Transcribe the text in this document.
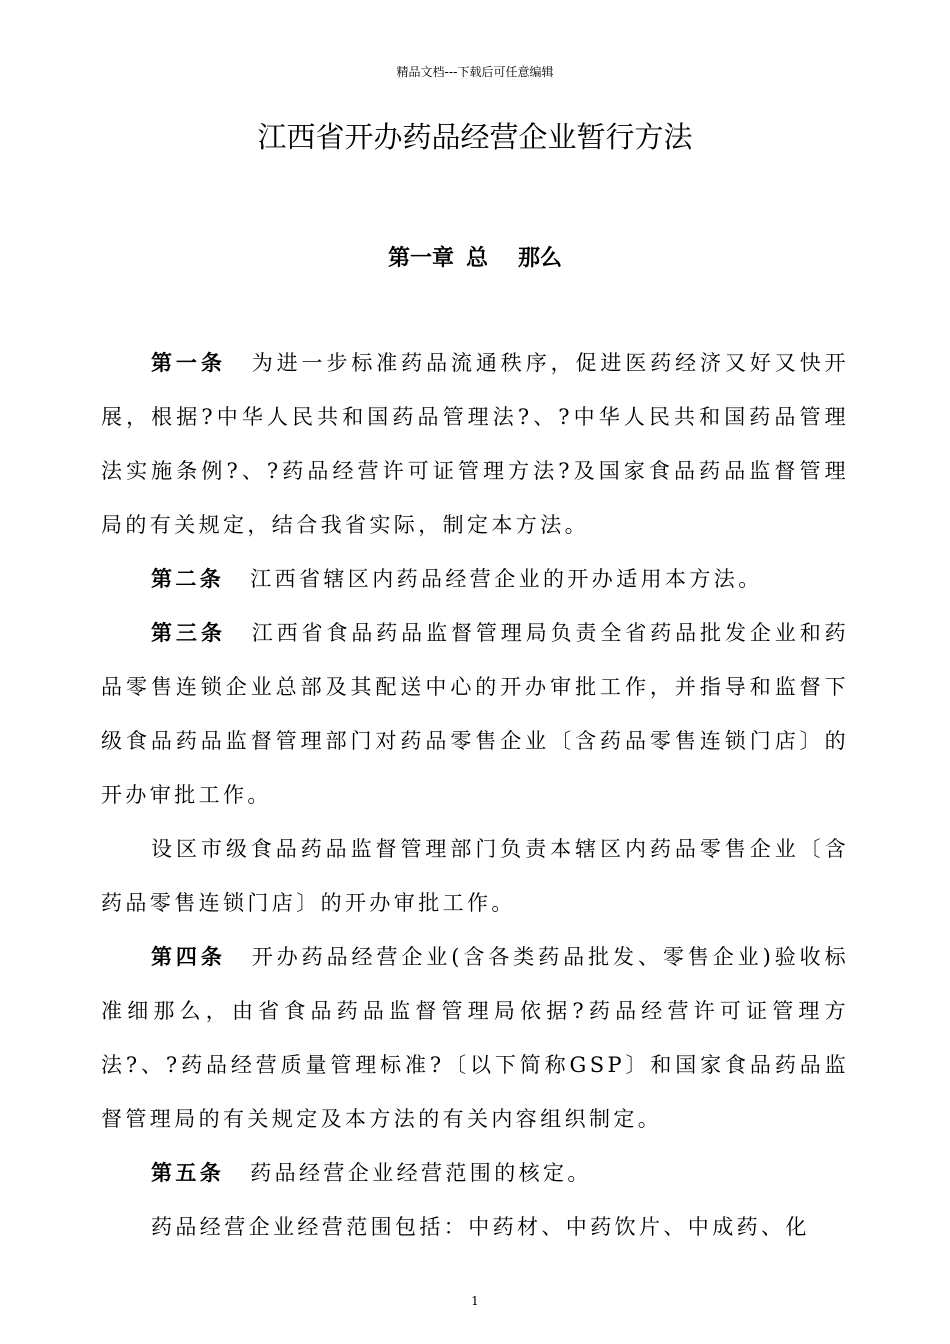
精品文档---下载后可任意编辑
江西省开办药品经营企业暂行方法
第一章 总 那么

第一条 为进一步标准药品流通秩序，促进医药经济又好又快开展，根据?中华人民共和国药品管理法?、?中华人民共和国药品管理法实施条例?、?药品经营许可证管理方法?及国家食品药品监督管理局的有关规定，结合我省实际，制定本方法。

第二条 江西省辖区内药品经营企业的开办适用本方法。

第三条 江西省食品药品监督管理局负责全省药品批发企业和药品零售连锁企业总部及其配送中心的开办审批工作，并指导和监督下级食品药品监督管理部门对药品零售企业〔含药品零售连锁门店〕的开办审批工作。

设区市级食品药品监督管理部门负责本辖区内药品零售企业〔含药品零售连锁门店〕的开办审批工作。

第四条 开办药品经营企业(含各类药品批发、零售企业)验收标准细那么，由省食品药品监督管理局依据?药品经营许可证管理方法?、?药品经营质量管理标准?〔以下简称GSP〕和国家食品药品监督管理局的有关规定及本方法的有关内容组织制定。

第五条 药品经营企业经营范围的核定。

药品经营企业经营范围包括：中药材、中药饮片、中成药、化

1
